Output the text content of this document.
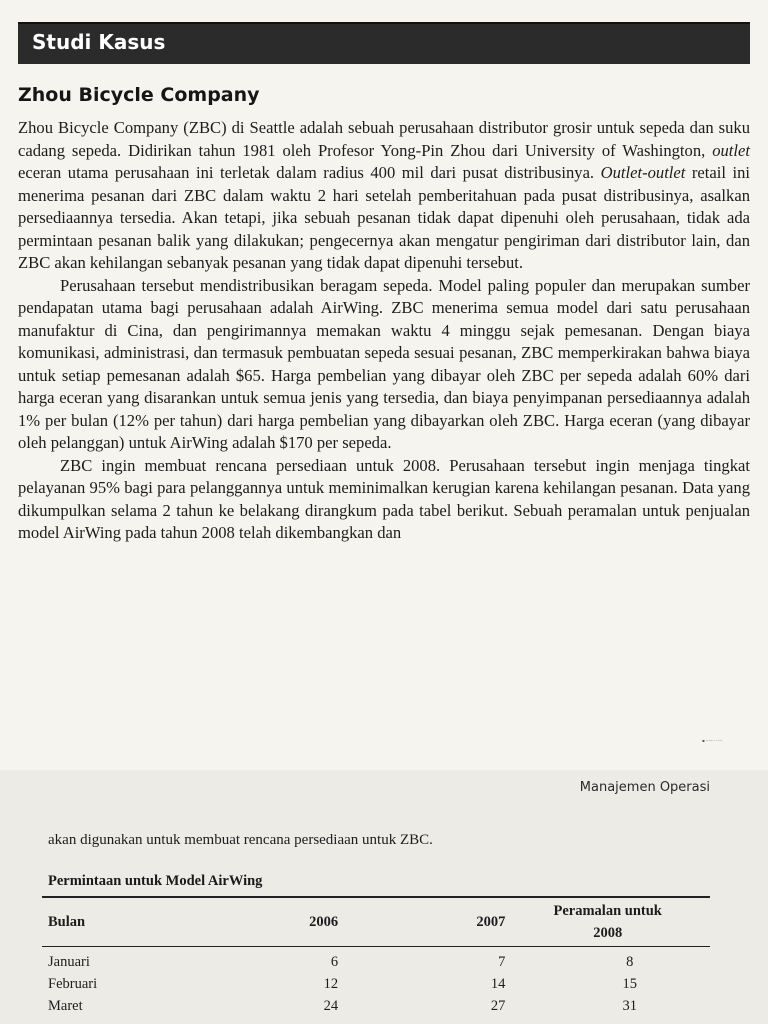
Studi Kasus
Zhou Bicycle Company

Zhou Bicycle Company (ZBC) di Seattle adalah sebuah perusahaan distributor grosir untuk sepeda dan suku cadang sepeda. Didirikan tahun 1981 oleh Profesor Yong-Pin Zhou dari University of Washington, outlet eceran utama perusahaan ini terletak dalam radius 400 mil dari pusat distribusinya. Outlet-outlet retail ini menerima pesanan dari ZBC dalam waktu 2 hari setelah pemberitahuan pada pusat distribusinya, asalkan persediaannya tersedia. Akan tetapi, jika sebuah pesanan tidak dapat dipenuhi oleh perusahaan, tidak ada permintaan pesanan balik yang dilakukan; pengecernya akan mengatur pengiriman dari distributor lain, dan ZBC akan kehilangan sebanyak pesanan yang tidak dapat dipenuhi tersebut.

Perusahaan tersebut mendistribusikan beragam sepeda. Model paling populer dan merupakan sumber pendapatan utama bagi perusahaan adalah AirWing. ZBC menerima semua model dari satu perusahaan manufaktur di Cina, dan pengirimannya memakan waktu 4 minggu sejak pemesanan. Dengan biaya komunikasi, administrasi, dan termasuk pembuatan sepeda sesuai pesanan, ZBC memperkirakan bahwa biaya untuk setiap pemesanan adalah $65. Harga pembelian yang dibayar oleh ZBC per sepeda adalah 60% dari harga eceran yang disarankan untuk semua jenis yang tersedia, dan biaya penyimpanan persediaannya adalah 1% per bulan (12% per tahun) dari harga pembelian yang dibayarkan oleh ZBC. Harga eceran (yang dibayar oleh pelanggan) untuk AirWing adalah $170 per sepeda.

ZBC ingin membuat rencana persediaan untuk 2008. Perusahaan tersebut ingin menjaga tingkat pelayanan 95% bagi para pelanggannya untuk meminimalkan kerugian karena kehilangan pesanan. Data yang dikumpulkan selama 2 tahun ke belakang dirangkum pada tabel berikut. Sebuah peramalan untuk penjualan model AirWing pada tahun 2008 telah dikembangkan dan

▪ ······· ·····
Manajemen Operasi
akan digunakan untuk membuat rencana persediaan untuk ZBC.
Permintaan untuk Model AirWing
Bulan	2006	2007	Peramalan untuk
2008

Januari	6	7	8
Februari	12	14	15
Maret	24	27	31
